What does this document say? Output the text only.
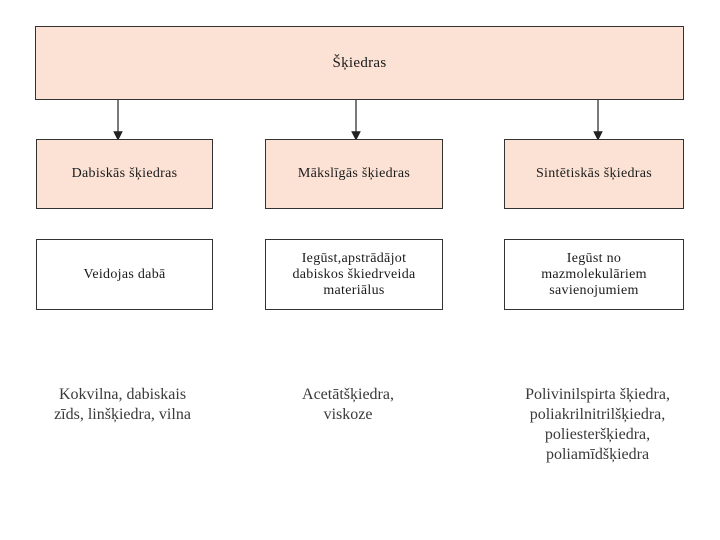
Šķiedras
Dabiskās šķiedras	Mākslīgās šķiedras	Sintētiskās šķiedras
Veidojas dabā
Iegūst,apstrādājot
dabiskos škiedrveida
materiālus
Iegūst no
mazmolekulāriem
savienojumiem
Kokvilna, dabiskais
zīds, linšķiedra, vilna
Acetātšķiedra,
viskoze
Polivinilspirta šķiedra,
poliakrilnitrilšķiedra,
poliesteršķiedra,
poliamīdšķiedra
